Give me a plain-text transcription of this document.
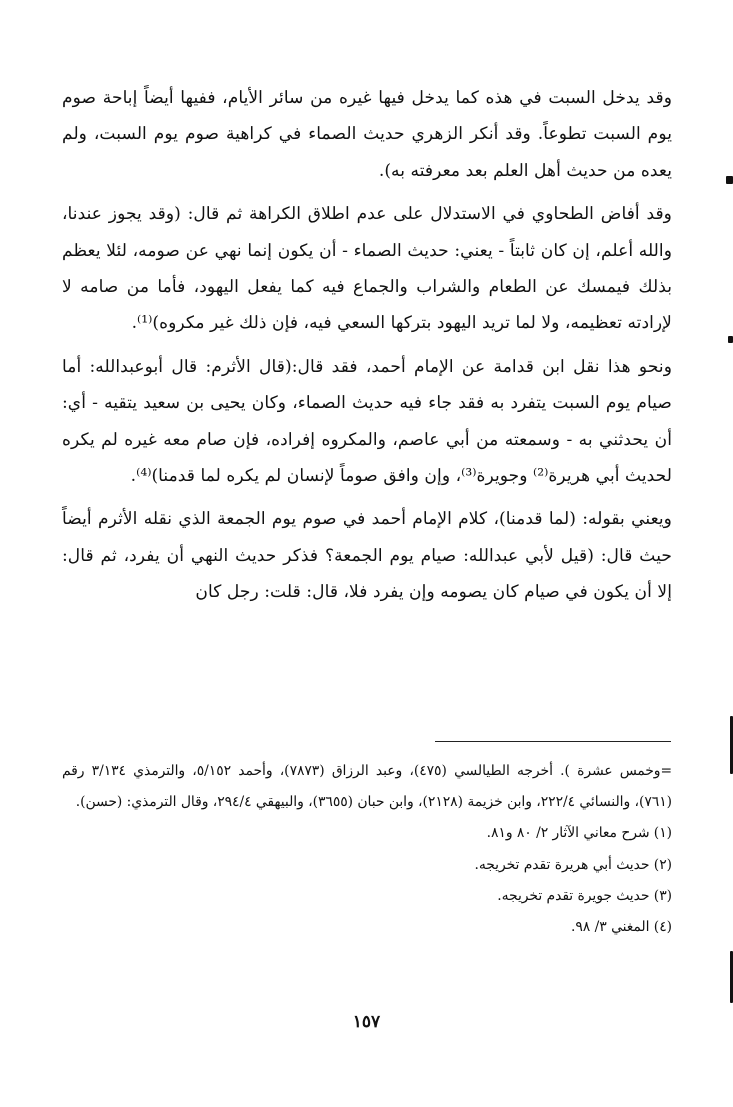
وقد يدخل السبت في هذه كما يدخل فيها غيره من سائر الأيام، ففيها أيضاً إباحة صوم يوم السبت تطوعاً. وقد أنكر الزهري حديث الصماء في كراهية صوم يوم السبت، ولم يعده من حديث أهل العلم بعد معرفته به).

وقد أفاض الطحاوي في الاستدلال على عدم اطلاق الكراهة ثم قال: (وقد يجوز عندنا، والله أعلم، إن كان ثابتاً - يعني: حديث الصماء - أن يكون إنما نهي عن صومه، لئلا يعظم بذلك فيمسك عن الطعام والشراب والجماع فيه كما يفعل اليهود، فأما من صامه لا لإرادته تعظيمه، ولا لما تريد اليهود بتركها السعي فيه، فإن ذلك غير مكروه)⁽¹⁾.

ونحو هذا نقل ابن قدامة عن الإمام أحمد، فقد قال:(قال الأثرم: قال أبوعبدالله: أما صيام يوم السبت يتفرد به فقد جاء فيه حديث الصماء، وكان يحيى بن سعيد يتقيه - أي: أن يحدثني به - وسمعته من أبي عاصم، والمكروه إفراده، فإن صام معه غيره لم يكره لحديث أبي هريرة⁽²⁾ وجويرة⁽³⁾، وإن وافق صوماً لإنسان لم يكره لما قدمنا)⁽⁴⁾.

ويعني بقوله: (لما قدمنا)، كلام الإمام أحمد في صوم يوم الجمعة الذي نقله الأثرم أيضاً حيث قال: (قيل لأبي عبدالله: صيام يوم الجمعة؟ فذكر حديث النهي أن يفرد، ثم قال: إلا أن يكون في صيام كان يصومه وإن يفرد فلا، قال: قلت: رجل كان

=وخمس عشرة ). أخرجه الطيالسي (٤٧٥)، وعبد الرزاق (٧٨٧٣)، وأحمد ٥/١٥٢، والترمذي ٣/١٣٤ رقم (٧٦١)، والنسائي ٢٢٢/٤، وابن خزيمة (٢١٢٨)، وابن حبان (٣٦٥٥)، والبيهقي ٢٩٤/٤، وقال الترمذي: (حسن).

(١) شرح معاني الآثار ٢/ ٨٠ و٨١.

(٢) حديث أبي هريرة تقدم تخريجه.

(٣) حديث جويرة تقدم تخريجه.

(٤) المغني ٣/ ٩٨.

١٥٧
